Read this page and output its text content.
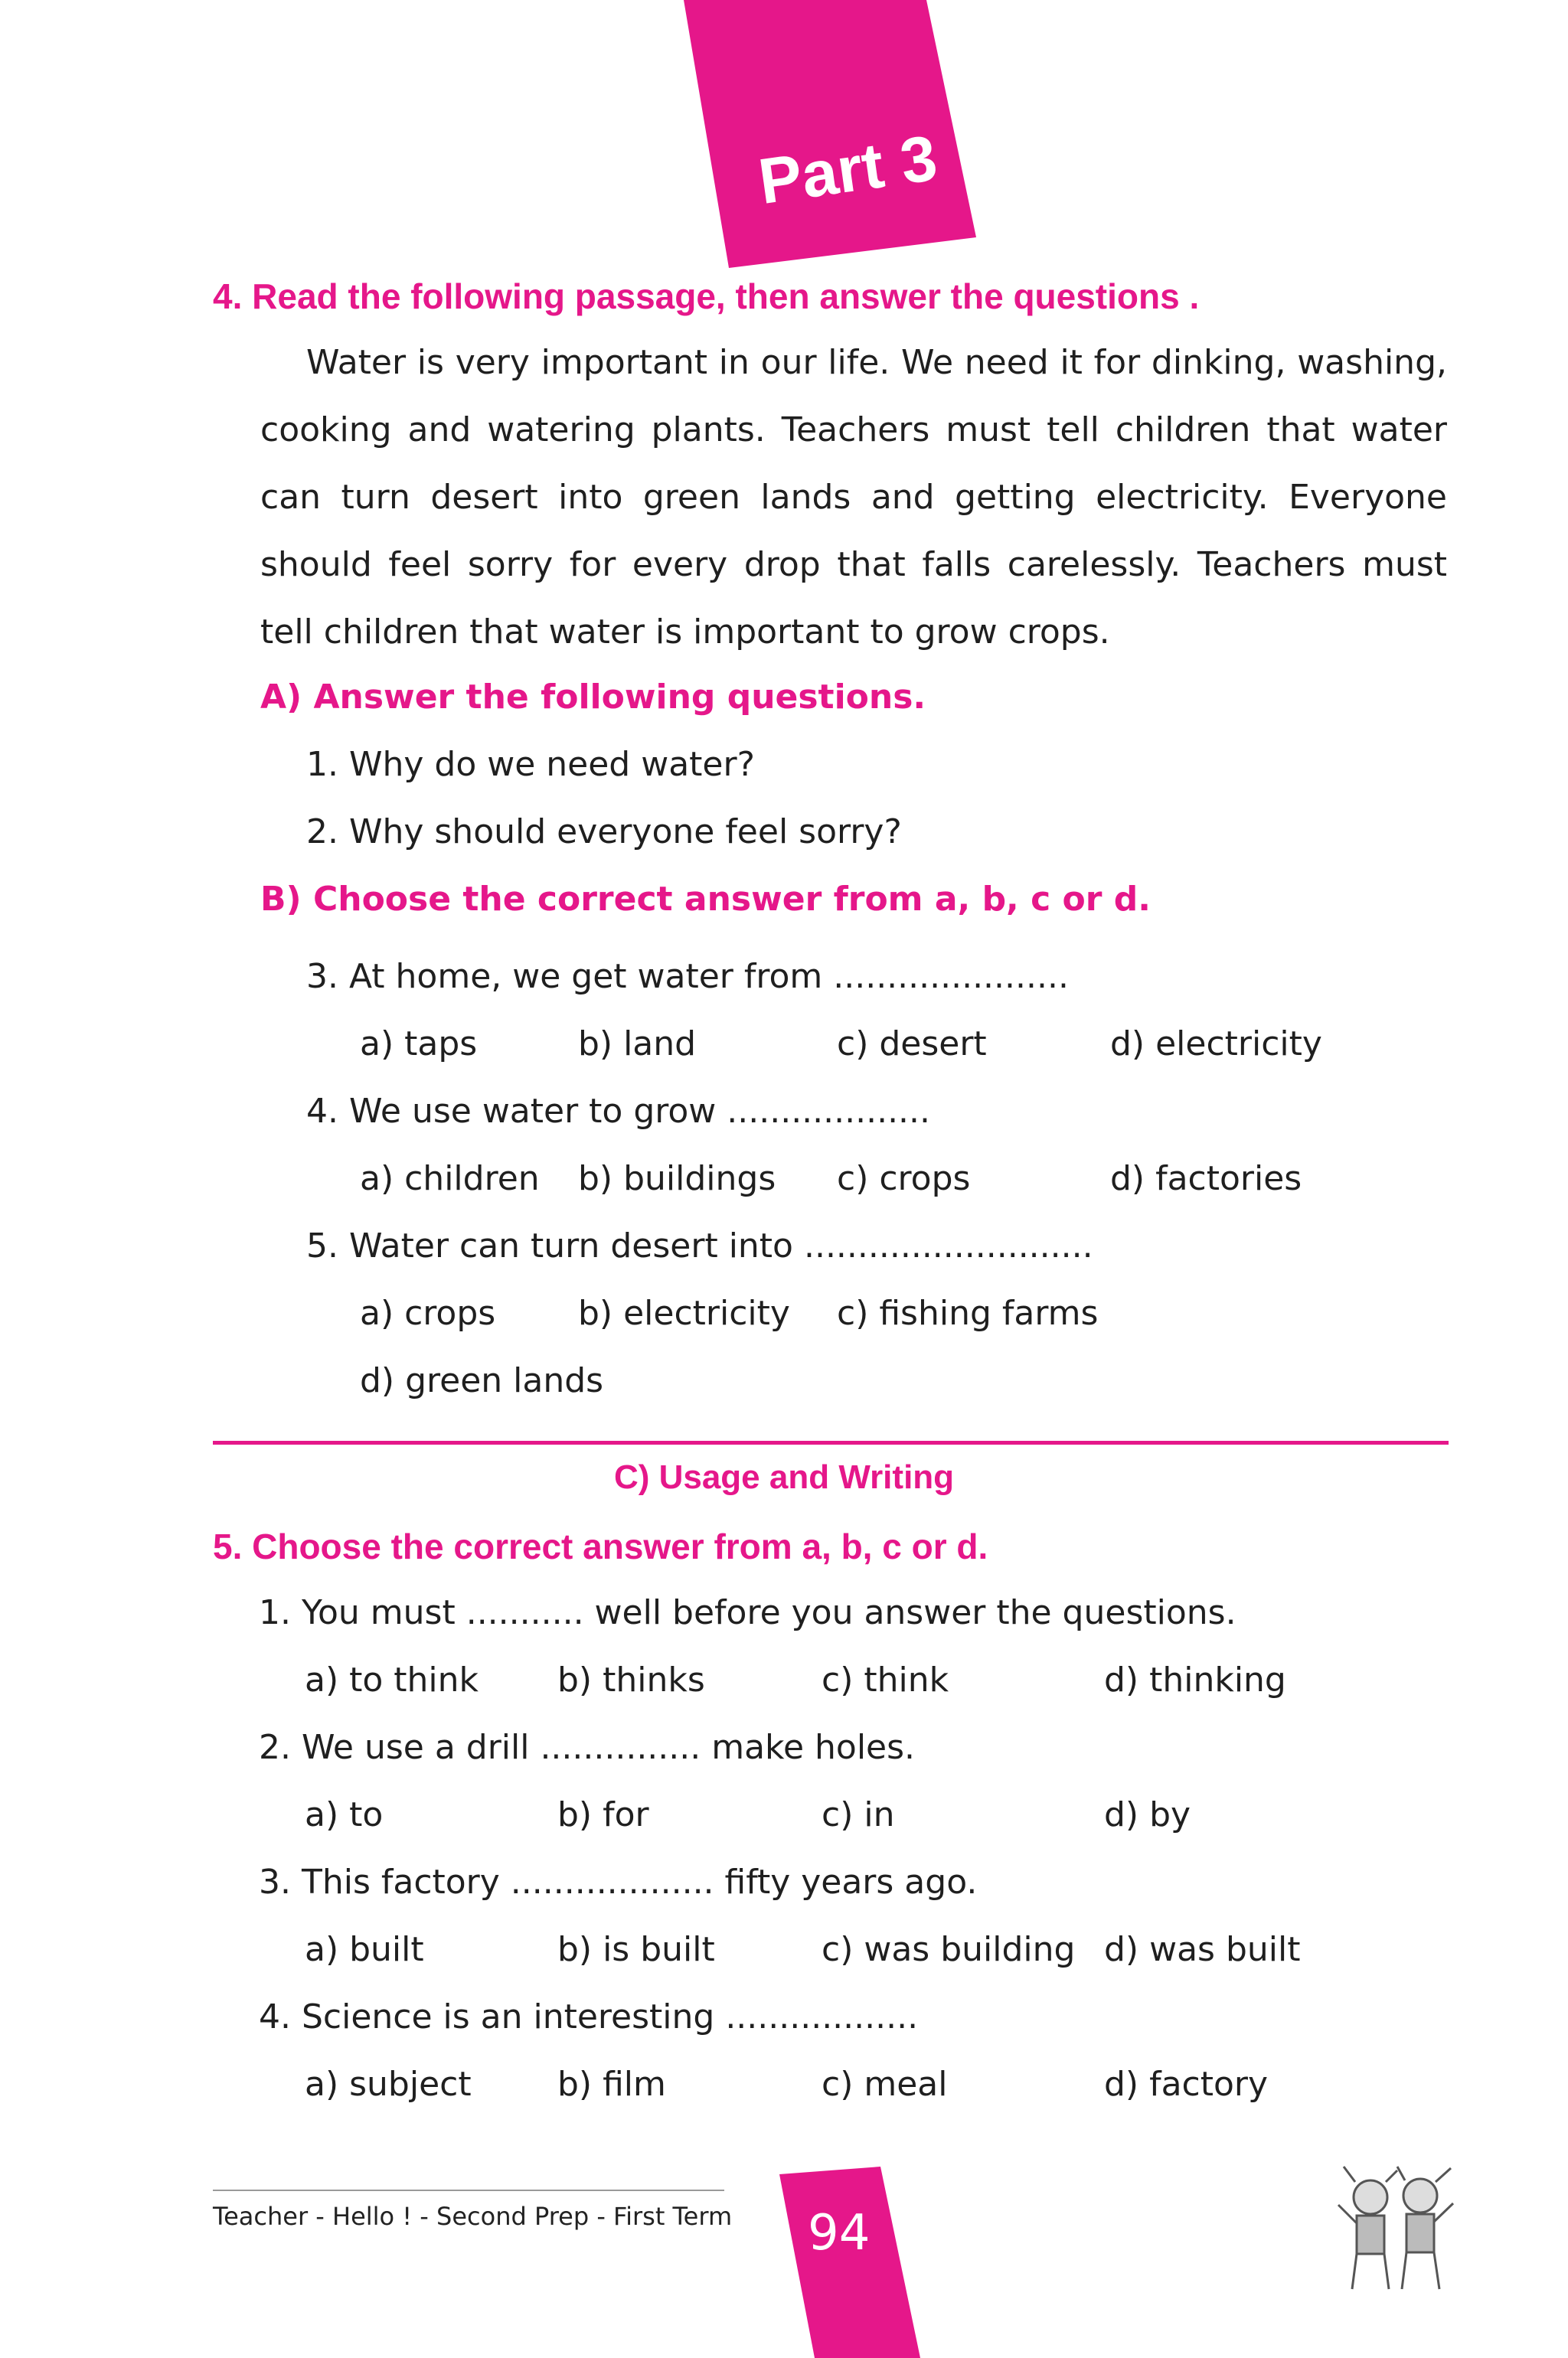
Part 3
4. Read the following passage, then answer the questions .
Water is very important in our life. We need it for dinking, washing,
cooking and watering plants. Teachers must tell children that water
can turn desert into green lands and getting electricity. Everyone
should feel sorry for every drop that falls carelessly. Teachers must
tell children that water is important to grow crops.
A) Answer the following questions.
1. Why do we need water?
2. Why should everyone feel sorry?
B) Choose the correct answer from a, b, c or d.
3. At home, we get water from ......................
a) taps	b) land	c) desert	d) electricity
4. We use water to grow ...................
a) children b) buildings c) crops	d) factories
5. Water can turn desert into ...........................
a) crops b) electricity c) ﬁshing farms
d) green lands
C) Usage and Writing
5. Choose the correct answer from a, b, c or d.
1. You must ........... well before you answer the questions.
a) to think b) thinks	c) think	d) thinking
2. We use a drill ............... make holes.
a) to	b) for	c) in	d) by
3. This factory ................... ﬁfty years ago.
a) built	b) is built	c) was building d) was built
4. Science is an interesting ..................
a) subject	b) ﬁlm	c) meal	d) factory
Teacher - Hello ! - Second Prep - First Term 94
